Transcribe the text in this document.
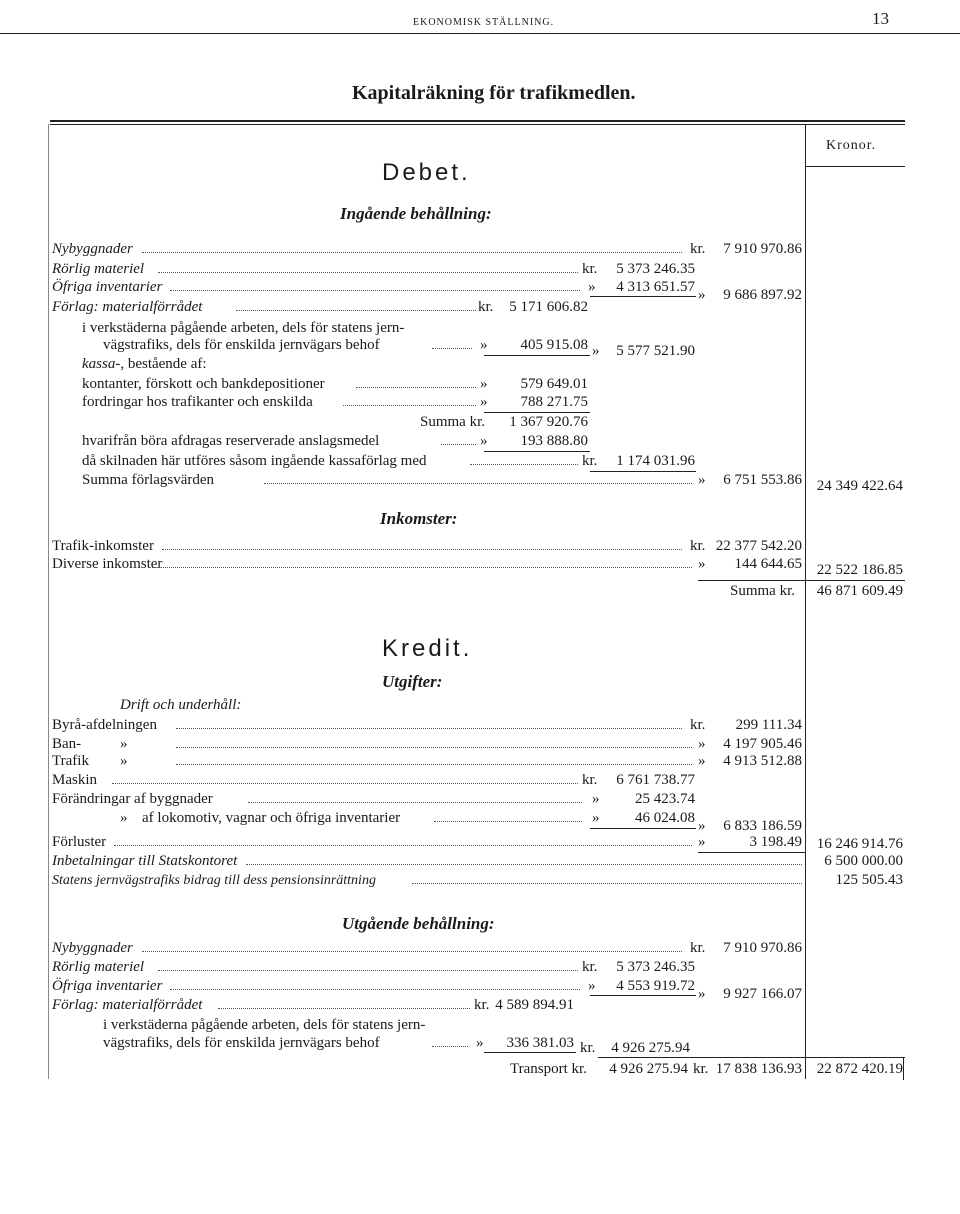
EKONOMISK STÄLLNING.	13
Kapitalräkning för trafikmedlen.
Kronor.
Debet.
Ingående behållning:
Nybyggnader	kr.	7 910 970.86
Rörlig materiel	kr.	5 373 246.35
Öfriga inventarier	»	4 313 651.57 »	9 686 897.92
Förlag: materialförrådet	kr.	5 171 606.82
i verkstäderna pågående arbeten, dels för statens jern-
vägstrafiks, dels för enskilda jernvägars behof	»	405 915.08 »	5 577 521.90
kassa-, bestående af:
kontanter, förskott och bankdepositioner	»	579 649.01
fordringar hos trafikanter och enskilda	»	788 271.75
Summa kr.	1 367 920.76
hvarifrån böra afdragas reserverade anslagsmedel	»	193 888.80
då skilnaden här utföres såsom ingående kassaförlag med	kr.	1 174 031.96
Summa förlagsvärden	»	6 751 553.86 24 349 422.64
Inkomster:
Trafik-inkomster	kr. 22 377 542.20
Diverse inkomster	»	144 644.65 22 522 186.85
Summa kr.	46 871 609.49
Kredit.
Utgifter:
Drift och underhåll:
Byrå-afdelningen	kr.	299 111.34
Ban-	»	»	4 197 905.46
Trafik »	»	4 913 512.88
Maskin	kr.	6 761 738.77
Förändringar af byggnader	»	25 423.74
» af lokomotiv, vagnar och öfriga inventarier	»	46 024.08 »	6 833 186.59
Förluster	»	3 198.49 16 246 914.76
Inbetalningar till Statskontoret	6 500 000.00
Statens jernvägstrafiks bidrag till dess pensionsinrättning	125 505.43
Utgående behållning:
Nybyggnader	kr.	7 910 970.86
Rörlig materiel	kr.	5 373 246.35
Öfriga inventarier	»	4 553 919.72 »	9 927 166.07
Förlag: materialförrådet	kr. 4 589 894.91
i verkstäderna pågående arbeten, dels för statens jern-
vägstrafiks, dels för enskilda jernvägars behof	»	336 381.03 kr.	4 926 275.94
Transport kr.	4 926 275.94 kr. 17 838 136.93 22 872 420.19
